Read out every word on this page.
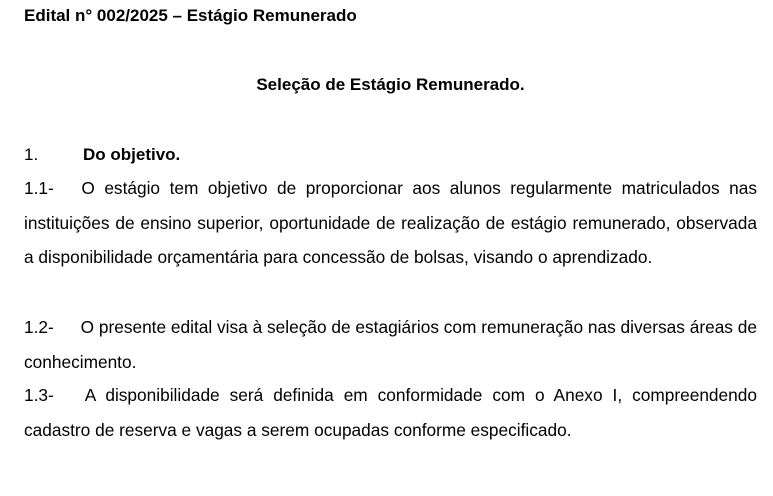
Edital n° 002/2025 – Estágio Remunerado
Seleção de Estágio Remunerado.
1.	Do objetivo.
1.1- O estágio tem objetivo de proporcionar aos alunos regularmente matriculados nas instituições de ensino superior, oportunidade de realização de estágio remunerado, observada a disponibilidade orçamentária para concessão de bolsas, visando o aprendizado.
1.2- O presente edital visa à seleção de estagiários com remuneração nas diversas áreas de conhecimento.
1.3- A disponibilidade será definida em conformidade com o Anexo I, compreendendo cadastro de reserva e vagas a serem ocupadas conforme especificado.
